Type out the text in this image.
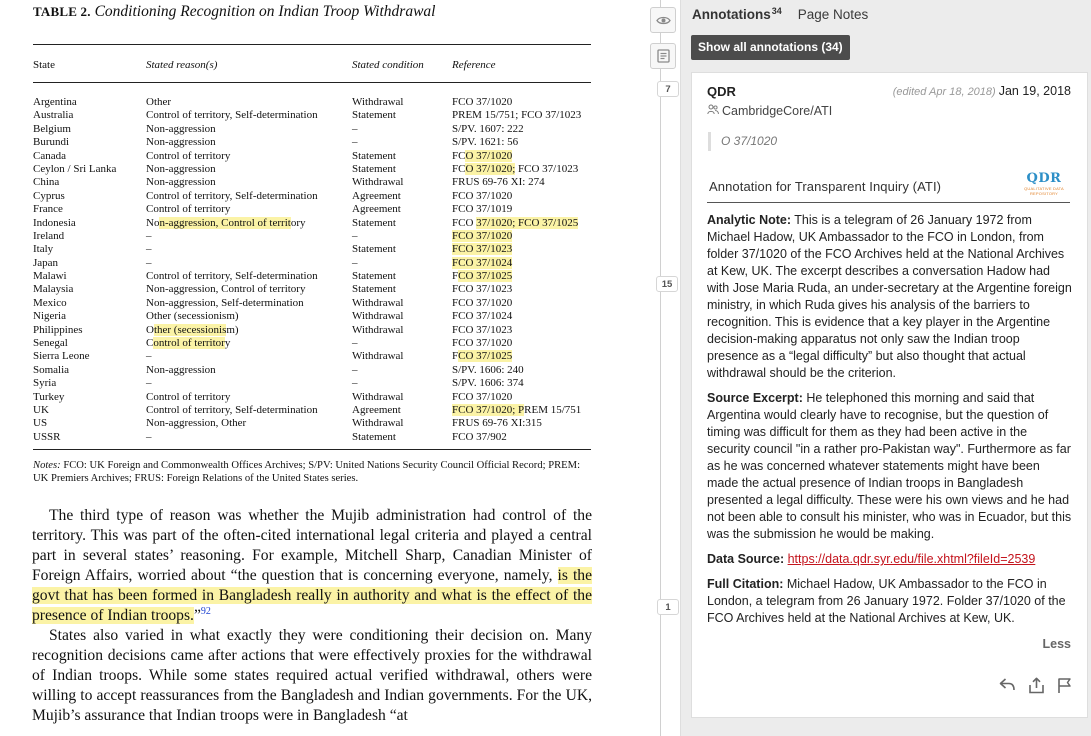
TABLE 2. Conditioning Recognition on Indian Troop Withdrawal
State	Stated reason(s)	Stated condition	Reference
Argentina	Other	Withdrawal	FCO 37/1020
Australia	Control of territory, Self-determination	Statement	PREM 15/751; FCO 37/1023
Belgium	Non-aggression	–	S/PV. 1607: 222
Burundi	Non-aggression	–	S/PV. 1621: 56
Canada	Control of territory	Statement	FCO 37/1020
Ceylon / Sri Lanka	Non-aggression	Statement	FCO 37/1020; FCO 37/1023
China	Non-aggression	Withdrawal	FRUS 69-76 XI: 274
Cyprus	Control of territory, Self-determination	Agreement	FCO 37/1020
France	Control of territory	Agreement	FCO 37/1019
Indonesia	Non-aggression, Control of territory	Statement	FCO 37/1020; FCO 37/1025
Ireland	–	–	FCO 37/1020
Italy	–	Statement	FCO 37/1023
Japan	–	–	FCO 37/1024
Malawi	Control of territory, Self-determination	Statement	FCO 37/1025
Malaysia	Non-aggression, Control of territory	Statement	FCO 37/1023
Mexico	Non-aggression, Self-determination	Withdrawal	FCO 37/1020
Nigeria	Other (secessionism)	Withdrawal	FCO 37/1024
Philippines	Other (secessionism)	Withdrawal	FCO 37/1023
Senegal	Control of territory	–	FCO 37/1020
Sierra Leone	–	Withdrawal	FCO 37/1025
Somalia	Non-aggression	–	S/PV. 1606: 240
Syria	–	–	S/PV. 1606: 374
Turkey	Control of territory	Withdrawal	FCO 37/1020
UK	Control of territory, Self-determination	Agreement	FCO 37/1020; PREM 15/751
US	Non-aggression, Other	Withdrawal	FRUS 69-76 XI:315
USSR	–	Statement	FCO 37/902
Notes: FCO: UK Foreign and Commonwealth Offices Archives; S/PV: United Nations Security Council Official Record; PREM: UK Premiers Archives; FRUS: Foreign Relations of the United States series.
The third type of reason was whether the Mujib administration had control of the territory. This was part of the often-cited international legal criteria and played a central part in several states’ reasoning. For example, Mitchell Sharp, Canadian Minister of Foreign Affairs, worried about “the question that is concerning everyone, namely, is the govt that has been formed in Bangladesh really in authority and what is the effect of the presence of Indian troops.”$^{92}$
States also varied in what exactly they were conditioning their decision on. Many recognition decisions came after actions that were effectively proxies for the withdrawal of Indian troops. While some states required actual verified withdrawal, others were willing to accept reassurances from the Bangladesh and Indian governments. For the UK, Mujib’s assurance that Indian troops were in Bangladesh “at
7
15
1
Annotations$^{34}$ Page Notes
Show all annotations (34)
QDR	(edited Apr 18, 2018) Jan 19, 2018
CambridgeCore/ATI
O 37/1020
Annotation for Transparent Inquiry (ATI)
QDR
QUALITATIVE DATA REPOSITORY

Analytic Note: This is a telegram of 26 January 1972 from Michael Hadow, UK Ambassador to the FCO in London, from folder 37/1020 of the FCO Archives held at the National Archives at Kew, UK. The excerpt describes a conversation Hadow had with Jose Maria Ruda, an under-secretary at the Argentine foreign ministry, in which Ruda gives his analysis of the barriers to recognition. This is evidence that a key player in the Argentine decision-making apparatus not only saw the Indian troop presence as a “legal difficulty” but also thought that actual withdrawal should be the criterion.

Source Excerpt: He telephoned this morning and said that Argentina would clearly have to recognise, but the question of timing was difficult for them as they had been active in the security council "in a rather pro-Pakistan way". Furthermore as far as he was concerned whatever statements might have been made the actual presence of Indian troops in Bangladesh presented a legal difficulty. These were his own views and he had not been able to consult his minister, who was in Ecuador, but this was the submission he would be making.

Data Source: https://data.qdr.syr.edu/file.xhtml?fileId=2539

Full Citation: Michael Hadow, UK Ambassador to the FCO in London, a telegram from 26 January 1972. Folder 37/1020 of the FCO Archives held at the National Archives at Kew, UK.

Less
